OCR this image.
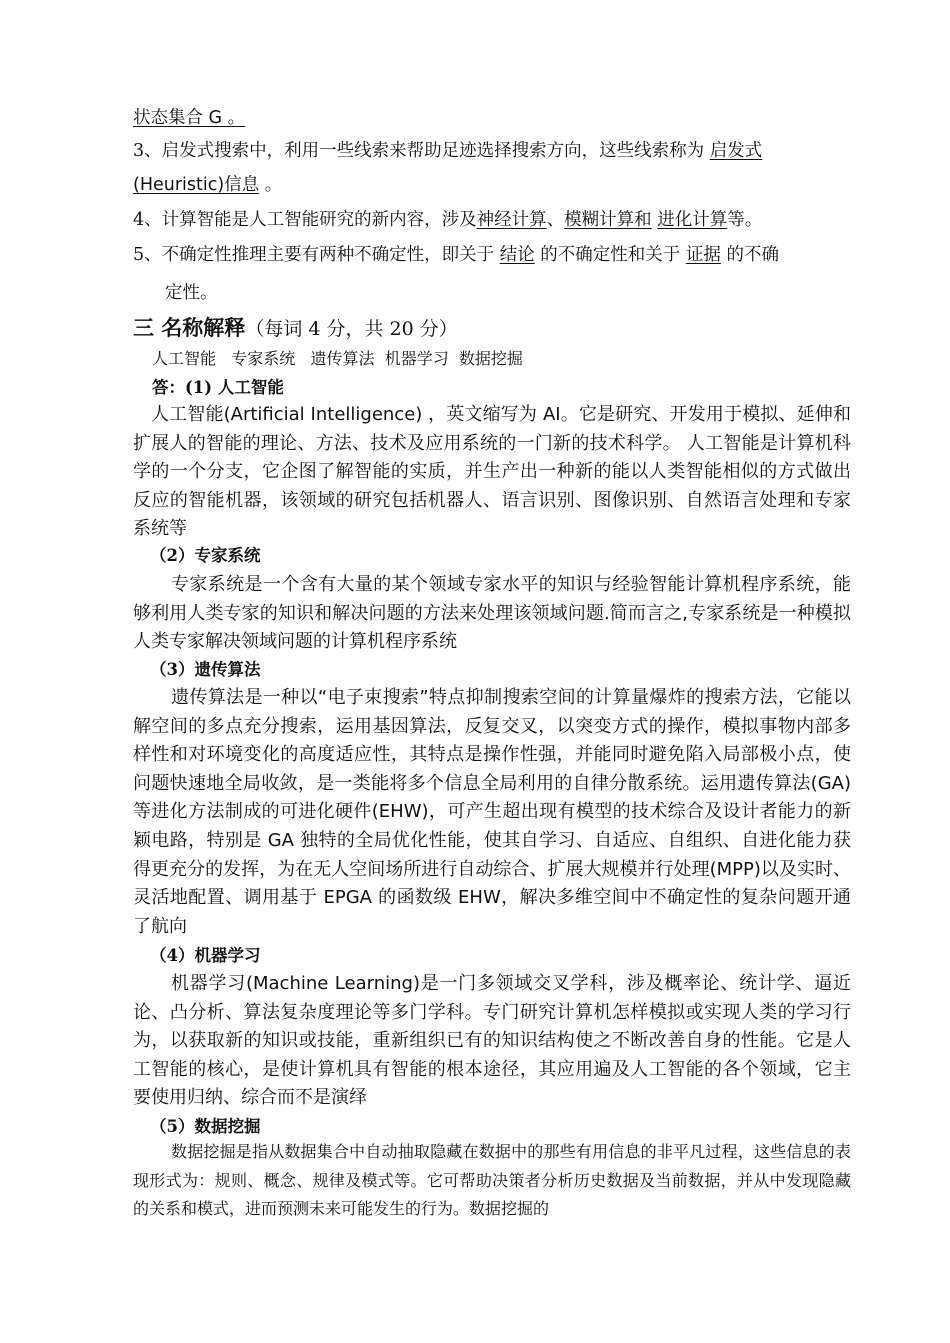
状态集合 G 。
3、启发式搜索中，利用一些线索来帮助足迹选择搜索方向，这些线索称为 启发式
(Heuristic)信息 。
4、计算智能是人工智能研究的新内容，涉及神经计算、模糊计算和 进化计算等。
5、不确定性推理主要有两种不确定性，即关于 结论 的不确定性和关于 证据 的不确
定性。
三 名称解释（每词 4 分，共 20 分）
人工智能   专家系统   遗传算法  机器学习  数据挖掘
答：(1) 人工智能
人工智能(Artificial Intelligence) ，英文缩写为 AI。它是研究、开发用于模拟、延伸和扩展人的智能的理论、方法、技术及应用系统的一门新的技术科学。 人工智能是计算机科学的一个分支，它企图了解智能的实质，并生产出一种新的能以人类智能相似的方式做出反应的智能机器，该领域的研究包括机器人、语言识别、图像识别、自然语言处理和专家系统等
（2）专家系统
专家系统是一个含有大量的某个领域专家水平的知识与经验智能计算机程序系统，能够利用人类专家的知识和解决问题的方法来处理该领域问题.简而言之,专家系统是一种模拟人类专家解决领域问题的计算机程序系统
（3）遗传算法
遗传算法是一种以“电子束搜索”特点抑制搜索空间的计算量爆炸的搜索方法，它能以解空间的多点充分搜索，运用基因算法，反复交叉，以突变方式的操作，模拟事物内部多样性和对环境变化的高度适应性，其特点是操作性强，并能同时避免陷入局部极小点，使问题快速地全局收敛，是一类能将多个信息全局利用的自律分散系统。运用遗传算法(GA)等进化方法制成的可进化硬件(EHW)，可产生超出现有模型的技术综合及设计者能力的新颖电路，特别是 GA 独特的全局优化性能，使其自学习、自适应、自组织、自进化能力获得更充分的发挥，为在无人空间场所进行自动综合、扩展大规模并行处理(MPP)以及实时、灵活地配置、调用基于 EPGA 的函数级 EHW，解决多维空间中不确定性的复杂问题开通了航向
（4）机器学习
机器学习(Machine Learning)是一门多领域交叉学科，涉及概率论、统计学、逼近论、凸分析、算法复杂度理论等多门学科。专门研究计算机怎样模拟或实现人类的学习行为，以获取新的知识或技能，重新组织已有的知识结构使之不断改善自身的性能。它是人工智能的核心，是使计算机具有智能的根本途径，其应用遍及人工智能的各个领域，它主要使用归纳、综合而不是演绎
（5）数据挖掘
数据挖掘是指从数据集合中自动抽取隐藏在数据中的那些有用信息的非平凡过程，这些信息的表现形式为：规则、概念、规律及模式等。它可帮助决策者分析历史数据及当前数据，并从中发现隐藏的关系和模式，进而预测未来可能发生的行为。数据挖掘的
